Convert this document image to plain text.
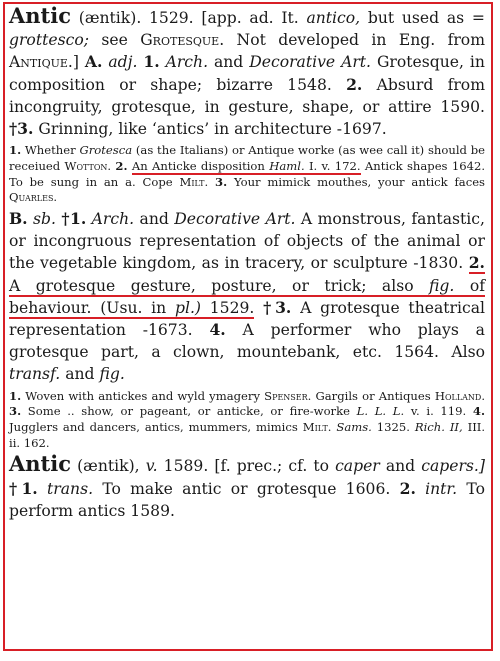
Antic (æntik). 1529. [app. ad. It. antico, but used as = grottesco; see Grotesque. Not developed in Eng. from Antique.] A. adj. 1. Arch. and Decorative Art. Grotesque, in composition or shape; bizarre 1548. 2. Absurd from incongruity, grotesque, in gesture, shape, or attire 1590. †3. Grinning, like ‘antics’ in architecture -1697.

1. Whether Grotesca (as the Italians) or Antique worke (as wee call it) should be receiued Wotton. 2. An Anticke disposition Haml. I. v. 172. Antick shapes 1642. To be sung in an a. Cope Milt. 3. Your mimick mouthes, your antick faces Quarles.

B. sb. †1. Arch. and Decorative Art. A monstrous, fantastic, or incongruous representation of objects of the animal or the vegetable kingdom, as in tracery, or sculpture -1830. 2. A grotesque gesture, posture, or trick; also fig. of behaviour. (Usu. in pl.) 1529. †3. A grotesque theatrical representation -1673. 4. A performer who plays a grotesque part, a clown, mountebank, etc. 1564. Also transf. and fig.

1. Woven with antickes and wyld ymagery Spenser. Gargils or Antiques Holland. 3. Some .. show, or pageant, or anticke, or fire-worke L. L. L. v. i. 119. 4. Jugglers and dancers, antics, mummers, mimics Milt. Sams. 1325. Rich. II, III. ii. 162.

Antic (æntik), v. 1589. [f. prec.; cf. to caper and capers.] †1. trans. To make antic or grotesque 1606. 2. intr. To perform antics 1589.
